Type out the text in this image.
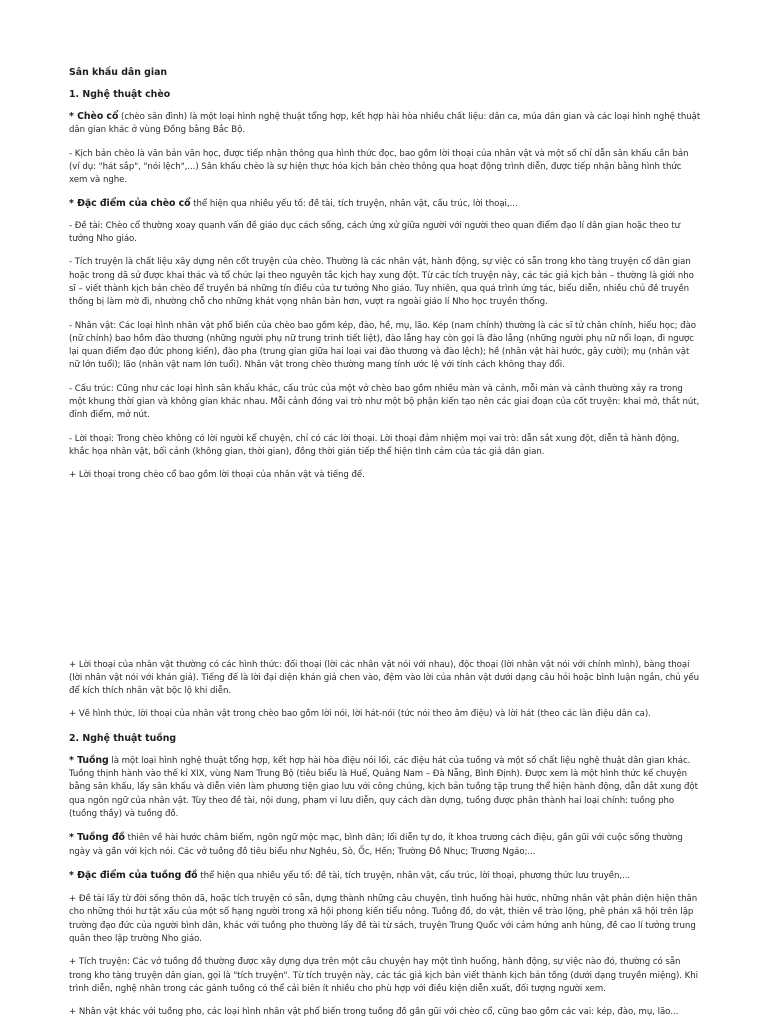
Sân khấu dân gian
1. Nghệ thuật chèo

* Chèo cổ (chèo sân đình) là một loại hình nghệ thuật tổng hợp, kết hợp hài hòa nhiều chất liệu: dân ca, múa dân gian và các loại hình nghệ thuật dân gian khác ở vùng Đồng bằng Bắc Bộ.

- Kịch bản chèo là văn bản văn học, được tiếp nhận thông qua hình thức đọc, bao gồm lời thoại của nhân vật và một số chỉ dẫn sân khấu cần bản (ví dụ: "hát sắp", "nói lệch",...) Sân khấu chèo là sự hiện thực hóa kịch bản chèo thông qua hoạt động trình diễn, được tiếp nhận bằng hình thức xem và nghe.

* Đặc điểm của chèo cổ thể hiện qua nhiều yếu tố: đề tài, tích truyện, nhân vật, cấu trúc, lời thoại,...

- Đề tài: Chèo cổ thường xoay quanh vấn đề giáo dục cách sống, cách ứng xử giữa người với người theo quan điểm đạo lí dân gian hoặc theo tư tưởng Nho giáo.

- Tích truyện là chất liệu xây dựng nên cốt truyện của chèo. Thường là các nhân vật, hành động, sự việc có sẵn trong kho tàng truyện cổ dân gian hoặc trong dã sử được khai thác và tổ chức lại theo nguyên tắc kịch hay xung đột. Từ các tích truyện này, các tác giả kịch bản – thường là giới nho sĩ – viết thành kịch bản chèo để truyền bá những tín điều của tư tưởng Nho giáo. Tuy nhiên, qua quá trình ứng tác, biểu diễn, nhiều chủ đề truyền thống bị làm mờ đi, nhường chỗ cho những khát vọng nhân bản hơn, vượt ra ngoài giáo lí Nho học truyền thống.

- Nhân vật: Các loại hình nhân vật phổ biến của chèo bao gồm kép, đào, hề, mụ, lão. Kép (nam chính) thường là các sĩ tử chân chính, hiếu học; đào (nữ chính) bao hồm đào thương (những người phụ nữ trung trinh tiết liệt), đào lẳng hay còn gọi là đào lẳng (những người phụ nữ nổi loạn, đi ngược lại quan điểm đạo đức phong kiến), đào pha (trung gian giữa hai loại vai đào thương và đào lệch); hề (nhân vật hài hước, gây cười); mụ (nhân vật nữ lớn tuổi); lão (nhân vật nam lớn tuổi). Nhân vật trong chèo thường mang tính ước lệ với tính cách không thay đổi.

- Cấu trúc: Cũng như các loại hình sân khấu khác, cấu trúc của một vở chèo bao gồm nhiều màn và cảnh, mỗi màn và cảnh thường xảy ra trong một khung thời gian và không gian khác nhau. Mỗi cảnh đóng vai trò như một bộ phận kiến tạo nên các giai đoạn của cốt truyện: khai mở, thắt nút, đỉnh điểm, mở nút.

- Lời thoại: Trong chèo không có lời người kể chuyện, chỉ có các lời thoại. Lời thoại đảm nhiệm mọi vai trò: dẫn sắt xung đột, diễn tả hành động, khắc họa nhân vật, bối cảnh (không gian, thời gian), đồng thời gián tiếp thể hiện tình cảm của tác giả dân gian.

+ Lời thoại trong chèo cổ bao gồm lời thoại của nhân vật và tiếng đế.

+ Lời thoại của nhân vật thường có các hình thức: đối thoại (lời các nhân vật nói với nhau), độc thoại (lời nhân vật nói với chính mình), bàng thoại (lời nhân vật nói với khán giả). Tiếng đế là lời đại diện khán giả chen vào, đệm vào lời của nhân vật dưới dạng câu hỏi hoặc bình luận ngắn, chủ yếu để kích thích nhân vật bộc lộ khi diễn.

+ Về hình thức, lời thoại của nhân vật trong chèo bao gồm lời nói, lời hát-nói (tức nói theo âm điệu) và lời hát (theo các làn điệu dân ca).

2. Nghệ thuật tuồng

* Tuồng là một loại hình nghệ thuật tổng hợp, kết hợp hài hòa điệu nói lối, các điệu hát của tuồng và một số chất liệu nghệ thuật dân gian khác. Tuồng thịnh hành vào thế kỉ XIX, vùng Nam Trung Bộ (tiêu biểu là Huế, Quảng Nam – Đà Nẵng, Bình Định). Được xem là một hình thức kế chuyện bằng sân khấu, lấy sân khấu và diễn viên làm phương tiện giao lưu với công chúng, kịch bản tuồng tập trung thể hiện hành động, dẫn dắt xung đột qua ngôn ngữ của nhân vật. Tùy theo đề tài, nội dung, phạm vi lưu diễn, quy cách dàn dựng, tuồng được phân thành hai loại chính: tuồng pho (tuồng thầy) và tuồng đồ.

* Tuồng đồ thiên về hài hước châm biếm, ngôn ngữ mộc mạc, bình dân; lối diễn tự do, ít khoa trương cách điệu, gần gũi với cuộc sống thường ngày và gần với kịch nói. Các vở tuồng đồ tiêu biểu như Nghêu, Sò, Ốc, Hến; Trường Đồ Nhục; Trương Ngáo;...

* Đặc điểm của tuồng đồ thể hiện qua nhiều yếu tố: đề tài, tích truyện, nhân vật, cấu trúc, lời thoại, phương thức lưu truyền,...

+ Đề tài lấy từ đời sống thôn dã, hoặc tích truyện có sẵn, dựng thành những câu chuyện, tình huống hài hước, những nhân vật phản diện hiện thân cho những thói hư tật xấu của một số hạng người trong xã hội phong kiến tiểu nông. Tuồng đồ, do vật, thiên về trào lộng, phê phán xã hội trên lập trường đạo đức của người bình dân, khác với tuồng pho thường lấy đề tài từ sách, truyện Trung Quốc với cảm hứng anh hùng, đề cao lí tưởng trung quân theo lập trường Nho giáo.

+ Tích truyện: Các vở tuồng đồ thường được xây dựng dựa trên một câu chuyện hay một tình huống, hành động, sự việc nào đó, thường có sẵn trong kho tàng truyện dân gian, gọi là "tích truyện". Từ tích truyện này, các tác giả kịch bản viết thành kịch bản tồng (dưới dạng truyền miệng). Khi trình diễn, nghệ nhân trong các gánh tuồng có thể cải biên ít nhiều cho phù hợp với điều kiện diễn xuất, đối tượng người xem.

+ Nhân vật khác với tuồng pho, các loại hình nhân vật phổ biến trong tuồng đồ gần gũi với chèo cổ, cũng bao gồm các vai: kép, đào, mụ, lão...
